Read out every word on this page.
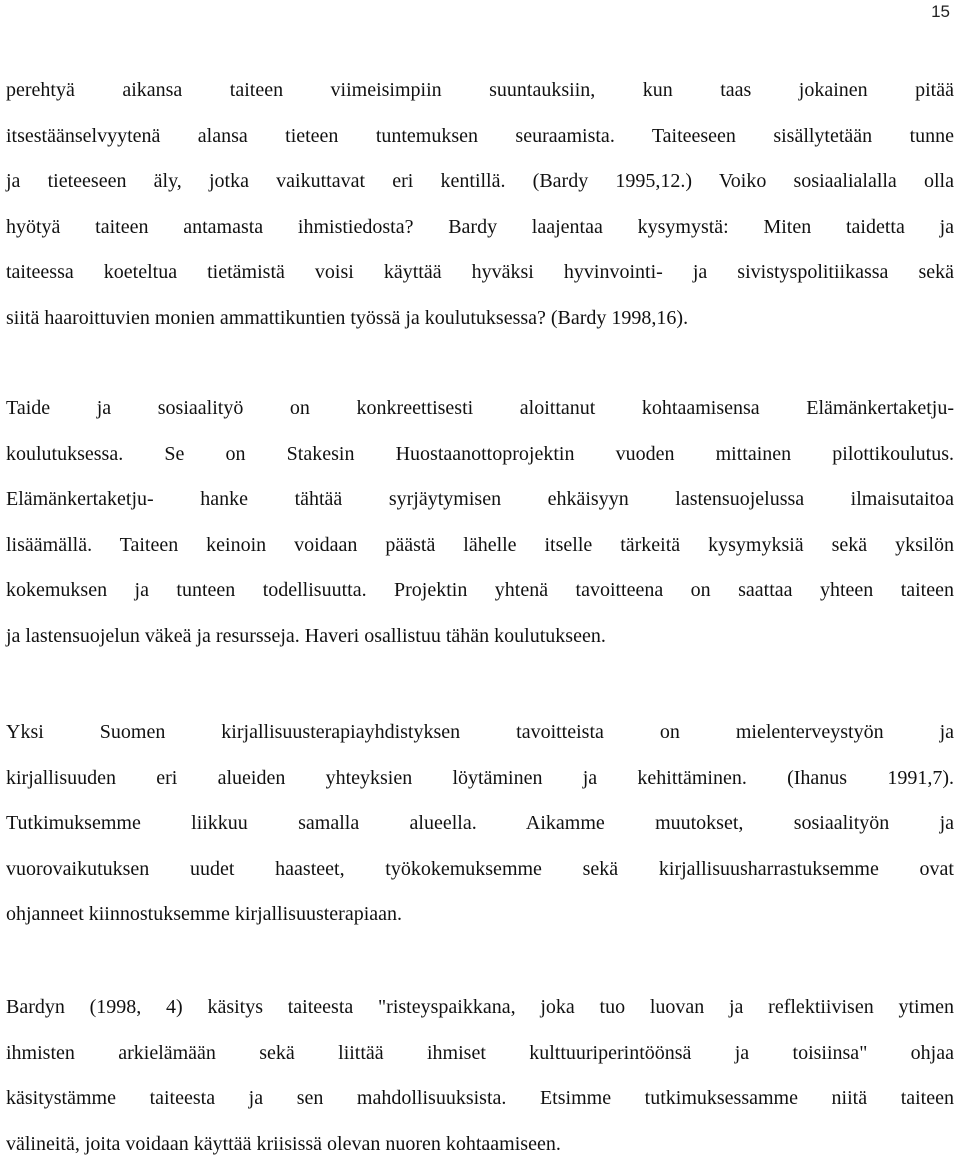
15
perehtyä aikansa taiteen viimeisimpiin suuntauksiin, kun taas jokainen pitää
itsestäänselvyytenä alansa tieteen tuntemuksen seuraamista. Taiteeseen sisällytetään tunne
ja tieteeseen äly, jotka vaikuttavat eri kentillä. (Bardy 1995,12.) Voiko sosiaalialalla olla
hyötyä taiteen antamasta ihmistiedosta? Bardy laajentaa kysymystä: Miten taidetta ja
taiteessa koeteltua tietämistä voisi käyttää hyväksi hyvinvointi- ja sivistyspolitiikassa sekä
siitä haaroittuvien monien ammattikuntien työssä ja koulutuksessa? (Bardy 1998,16).
Taide ja sosiaalityö on konkreettisesti aloittanut kohtaamisensa Elämänkertaketju-
koulutuksessa. Se on Stakesin Huostaanottoprojektin vuoden mittainen pilottikoulutus.
Elämänkertaketju- hanke tähtää syrjäytymisen ehkäisyyn lastensuojelussa ilmaisutaitoa
lisäämällä. Taiteen keinoin voidaan päästä lähelle itselle tärkeitä kysymyksiä sekä yksilön
kokemuksen ja tunteen todellisuutta. Projektin yhtenä tavoitteena on saattaa yhteen taiteen
ja lastensuojelun väkeä ja resursseja. Haveri osallistuu tähän koulutukseen.
Yksi Suomen kirjallisuusterapiayhdistyksen tavoitteista on mielenterveystyön ja
kirjallisuuden eri alueiden yhteyksien löytäminen ja kehittäminen. (Ihanus 1991,7).
Tutkimuksemme liikkuu samalla alueella. Aikamme muutokset, sosiaalityön ja
vuorovaikutuksen uudet haasteet, työkokemuksemme sekä kirjallisuusharrastuksemme ovat
ohjanneet kiinnostuksemme kirjallisuusterapiaan.
Bardyn (1998, 4) käsitys taiteesta "risteyspaikkana, joka tuo luovan ja reflektiivisen ytimen
ihmisten arkielämään sekä liittää ihmiset kulttuuriperintöönsä ja toisiinsa" ohjaa
käsitystämme taiteesta ja sen mahdollisuuksista. Etsimme tutkimuksessamme niitä taiteen
välineitä, joita voidaan käyttää kriisissä olevan nuoren kohtaamiseen.
